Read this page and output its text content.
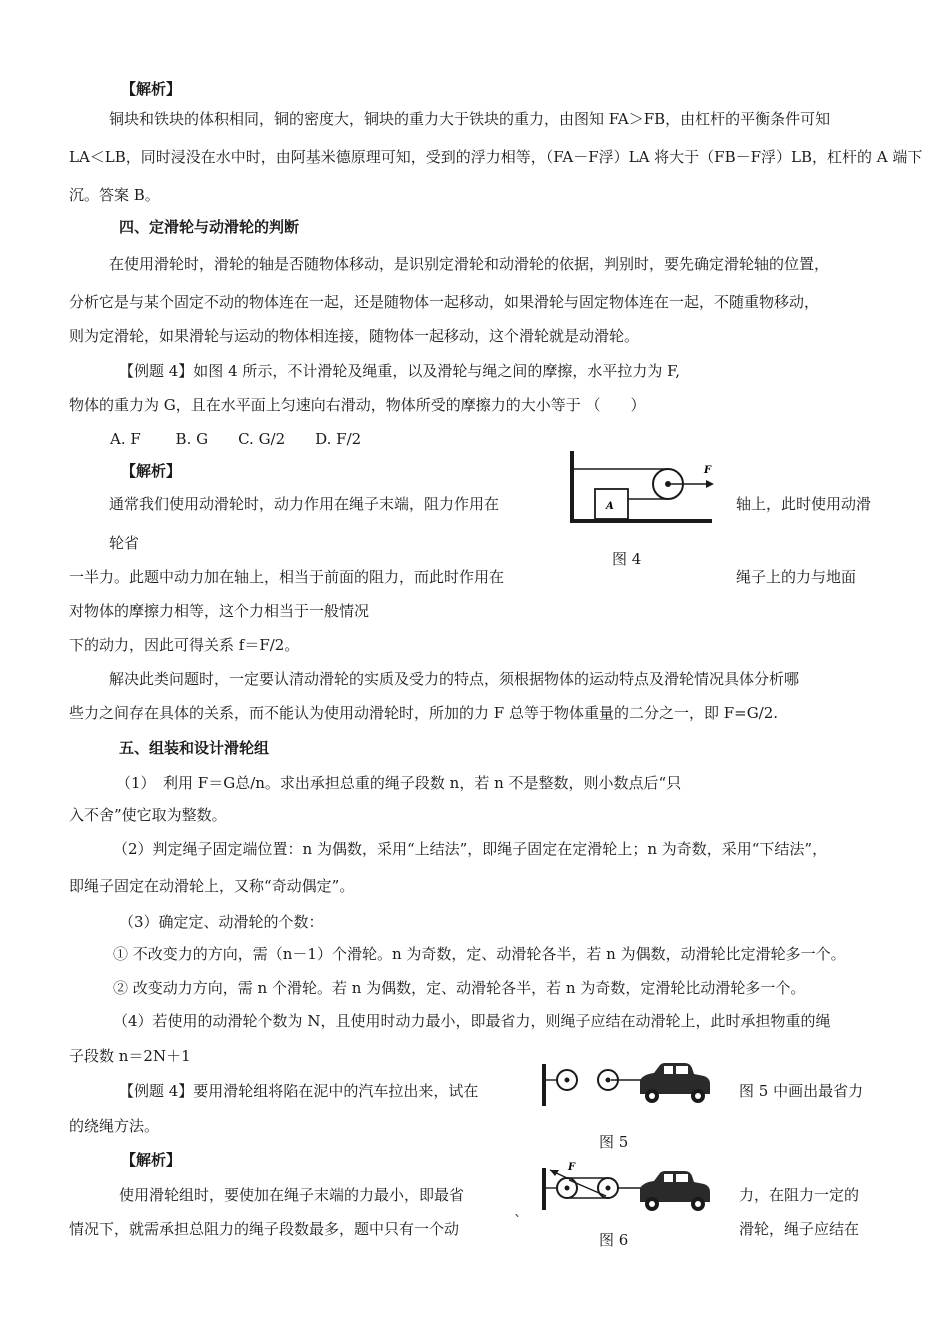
【解析】
铜块和铁块的体积相同，铜的密度大，铜块的重力大于铁块的重力，由图知 FA＞FB，由杠杆的平衡条件可知
LA＜LB，同时浸没在水中时，由阿基米德原理可知，受到的浮力相等，（FA－F浮）LA 将大于（FB－F浮）LB，杠杆的 A 端下
沉。答案 B。
四、定滑轮与动滑轮的判断
在使用滑轮时，滑轮的轴是否随物体移动，是识别定滑轮和动滑轮的依据，判别时，要先确定滑轮轴的位置，
分析它是与某个固定不动的物体连在一起，还是随物体一起移动，如果滑轮与固定物体连在一起，不随重物移动，
则为定滑轮，如果滑轮与运动的物体相连接，随物体一起移动，这个滑轮就是动滑轮。
【例题 4】如图 4 所示，不计滑轮及绳重，以及滑轮与绳之间的摩擦，水平拉力为 F,
物体的重力为 G，且在水平面上匀速向右滑动，物体所受的摩擦力的大小等于 （　　）
A. F　　 B. G　　C. G/2　　D. F/2
【解析】
通常我们使用动滑轮时，动力作用在绳子末端，阻力作用在	轴上，此时使用动滑
轮省
一半力。此题中动力加在轴上，相当于前面的阻力，而此时作用在	绳子上的力与地面
对物体的摩擦力相等，这个力相当于一般情况
下的动力，因此可得关系 f＝F/2。
解决此类问题时，一定要认清动滑轮的实质及受力的特点，须根据物体的运动特点及滑轮情况具体分析哪
些力之间存在具体的关系，而不能认为使用动滑轮时，所加的力 F 总等于物体重量的二分之一，即 F=G/2.
F
A
图 4
五、组装和设计滑轮组
（1）　利用 F＝G总/n。求出承担总重的绳子段数 n，若 n 不是整数，则小数点后“只
入不舍”使它取为整数。
（2）判定绳子固定端位置：n 为偶数，采用“上结法”，即绳子固定在定滑轮上；n 为奇数，采用“下结法”，
即绳子固定在动滑轮上，又称“奇动偶定”。
（3）确定定、动滑轮的个数：
① 不改变力的方向，需（n－1）个滑轮。n 为奇数，定、动滑轮各半，若 n 为偶数，动滑轮比定滑轮多一个。
② 改变动力方向，需 n 个滑轮。若 n 为偶数，定、动滑轮各半，若 n 为奇数，定滑轮比动滑轮多一个。
（4）若使用的动滑轮个数为 N，且使用时动力最小，即最省力，则绳子应结在动滑轮上，此时承担物重的绳
子段数 n＝2N＋1
【例题 4】要用滑轮组将陷在泥中的汽车拉出来，试在	图 5 中画出最省力
的绕绳方法。
图 5
【解析】
使用滑轮组时，要使加在绳子末端的力最小，即最省	力，在阻力一定的
情况下，就需承担总阻力的绳子段数最多，题中只有一个动	`	滑轮，绳子应结在
F
图 6
